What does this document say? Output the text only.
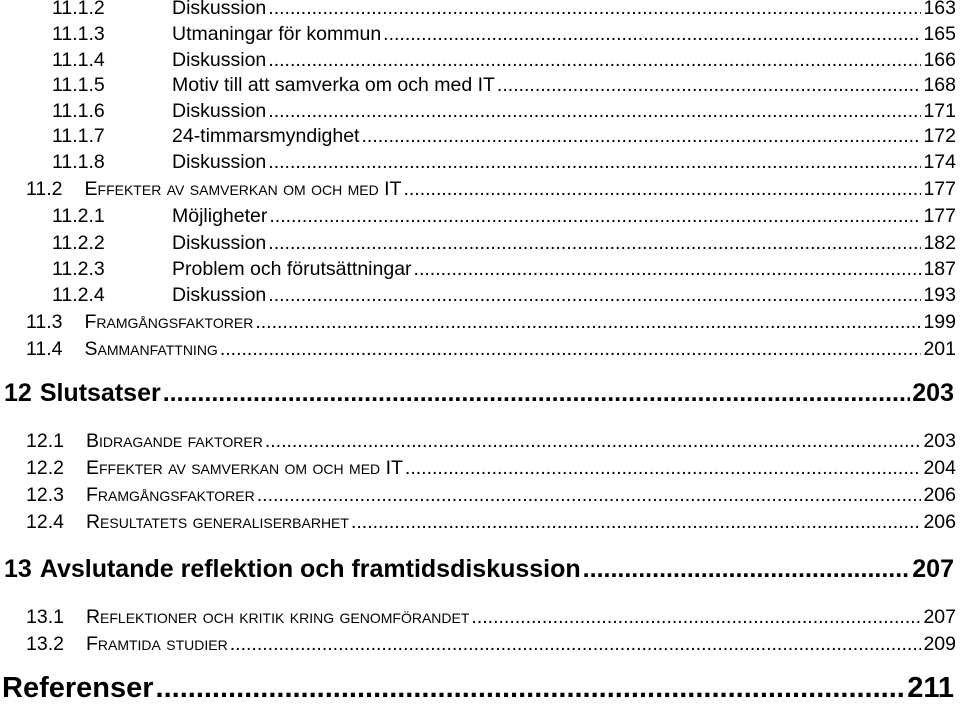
11.1.2	Diskussion .....	163
11.1.3	Utmaningar för kommun .....	165
11.1.4	Diskussion .....	166
11.1.5	Motiv till att samverka om och med IT .....	168
11.1.6	Diskussion .....	171
11.1.7	24-timmarsmyndighet .....	172
11.1.8	Diskussion .....	174
11.2 Effekter av samverkan om och med IT .....	177
11.2.1	Möjligheter .....	177
11.2.2	Diskussion .....	182
11.2.3	Problem och förutsättningar .....	187
11.2.4	Diskussion .....	193
11.3 Framgångsfaktorer .....	199
11.4 Sammanfattning .....	201
12 Slutsatser .....	203
12.1 Bidragande faktorer .....	203
12.2 Effekter av samverkan om och med IT .....	204
12.3 Framgångsfaktorer .....	206
12.4 Resultatets generaliserbarhet .....	206
13 Avslutande reflektion och framtidsdiskussion .....	207
13.1 Reflektioner och kritik kring genomförandet .....	207
13.2 Framtida studier .....	209
Referenser .....	211
